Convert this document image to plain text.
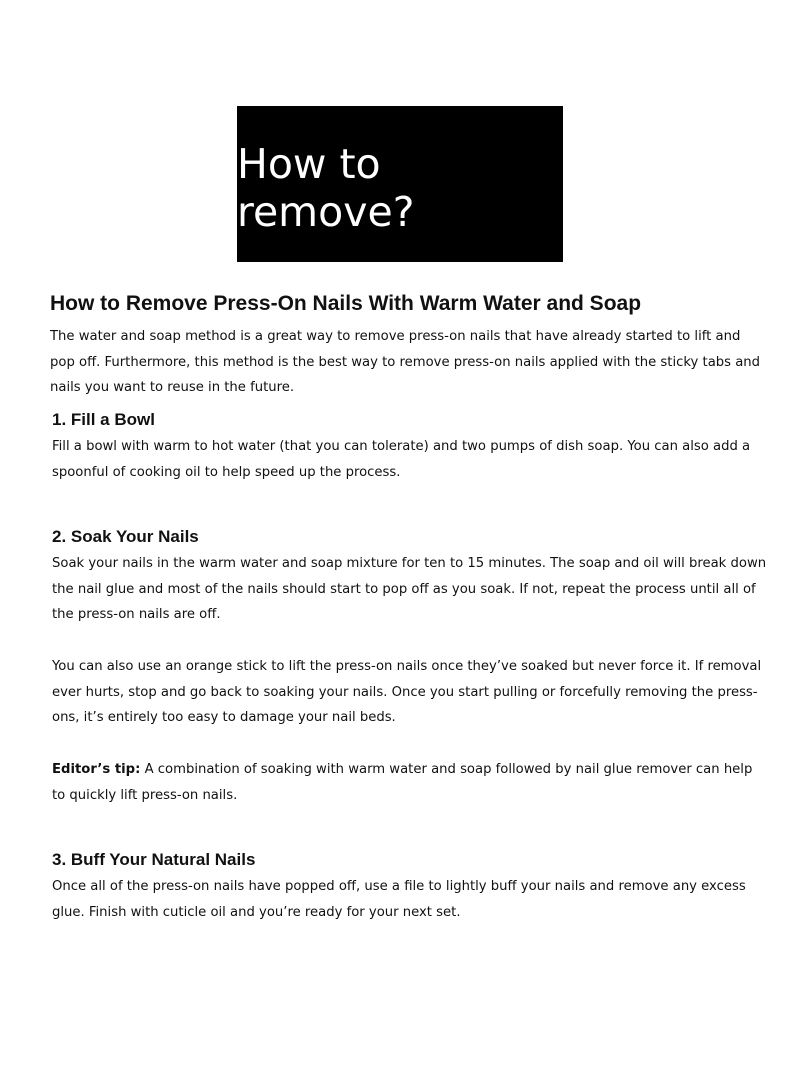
How to remove?
How to Remove Press-On Nails With Warm Water and Soap

The water and soap method is a great way to remove press-on nails that have already started to lift and pop off. Furthermore, this method is the best way to remove press-on nails applied with the sticky tabs and nails you want to reuse in the future.

1. Fill a Bowl

Fill a bowl with warm to hot water (that you can tolerate) and two pumps of dish soap. You can also add a spoonful of cooking oil to help speed up the process.

2. Soak Your Nails

Soak your nails in the warm water and soap mixture for ten to 15 minutes. The soap and oil will break down the nail glue and most of the nails should start to pop off as you soak. If not, repeat the process until all of the press-on nails are off.

You can also use an orange stick to lift the press-on nails once they’ve soaked but never force it. If removal ever hurts, stop and go back to soaking your nails. Once you start pulling or forcefully removing the press-ons, it’s entirely too easy to damage your nail beds.

Editor’s tip: A combination of soaking with warm water and soap followed by nail glue remover can help to quickly lift press-on nails.

3. Buff Your Natural Nails

Once all of the press-on nails have popped off, use a file to lightly buff your nails and remove any excess glue. Finish with cuticle oil and you’re ready for your next set.
